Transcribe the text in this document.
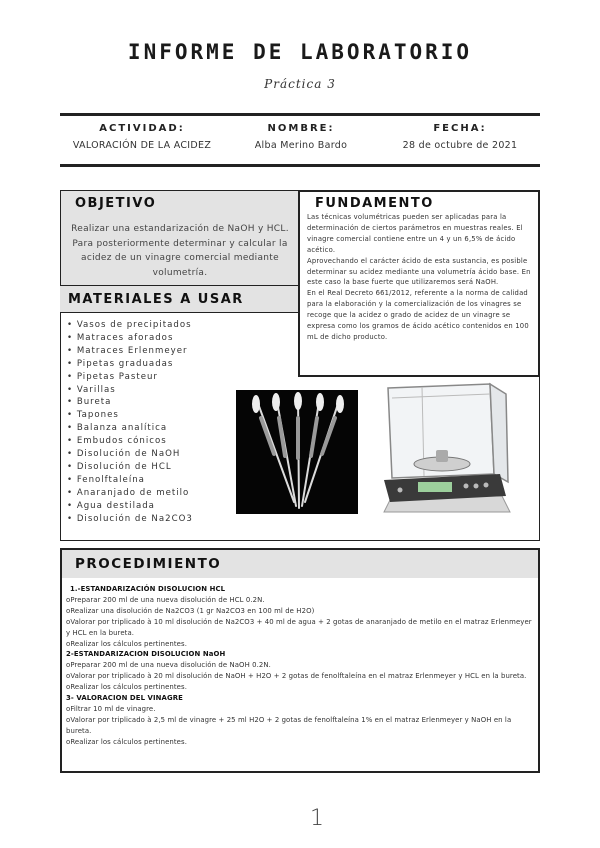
INFORME DE LABORATORIO
Práctica 3
ACTIVIDAD:
VALORACIÓN DE LA ACIDEZ
NOMBRE:
Alba Merino Bardo
FECHA:
28 de octubre de 2021
MATERIALES A USAR
• Vasos de precipitados
• Matraces aforados
• Matraces Erlenmeyer
• Pipetas graduadas
• Pipetas Pasteur
• Varillas
• Bureta
• Tapones
• Balanza analítica
• Embudos cónicos
• Disolución de NaOH
• Disolución de HCL
• Fenolftaleína
• Anaranjado de metilo
• Agua destilada
• Disolución de Na2CO3
OBJETIVO
Realizar una estandarización de NaOH y HCL. Para posteriormente determinar y calcular la acidez de un vinagre comercial mediante volumetría.
FUNDAMENTO
Las técnicas volumétricas pueden ser aplicadas para la determinación de ciertos parámetros en muestras reales. El vinagre comercial contiene entre un 4 y un 6,5% de ácido acético.
Aprovechando el carácter ácido de esta sustancia, es posible determinar su acidez mediante una volumetría ácido base. En este caso la base fuerte que utilizaremos será NaOH.
En el Real Decreto 661/2012, referente a la norma de calidad para la elaboración y la comercialización de los vinagres se recoge que la acidez o grado de acidez de un vinagre se expresa como los gramos de ácido acético contenidos en 100 mL de dicho producto.
PROCEDIMIENTO
1.-ESTANDARIZACIÓN DISOLUCION HCL
oPreparar 200 ml de una nueva disolución de HCL 0.2N.
oRealizar una disolución de Na2CO3 (1 gr Na2CO3 en 100 ml de H2O)
oValorar por triplicado à 10 ml disolución de Na2CO3 + 40 ml de agua + 2 gotas de anaranjado de metilo en el matraz Erlenmeyer y HCL en la bureta.
oRealizar los cálculos pertinentes.
2-ESTANDARIZACION DISOLUCION NaOH
oPreparar 200 ml de una nueva disolución de NaOH 0.2N.
oValorar por triplicado à 20 ml disolución de NaOH + H2O + 2 gotas de fenolftaleína en el matraz Erlenmeyer y HCL en la bureta.
oRealizar los cálculos pertinentes.
3- VALORACION DEL VINAGRE
oFiltrar 10 ml de vinagre.
oValorar por triplicado à 2,5 ml de vinagre + 25 ml H2O + 2 gotas de fenolftaleína 1% en el matraz Erlenmeyer y NaOH en la bureta.
oRealizar los cálculos pertinentes.
1
